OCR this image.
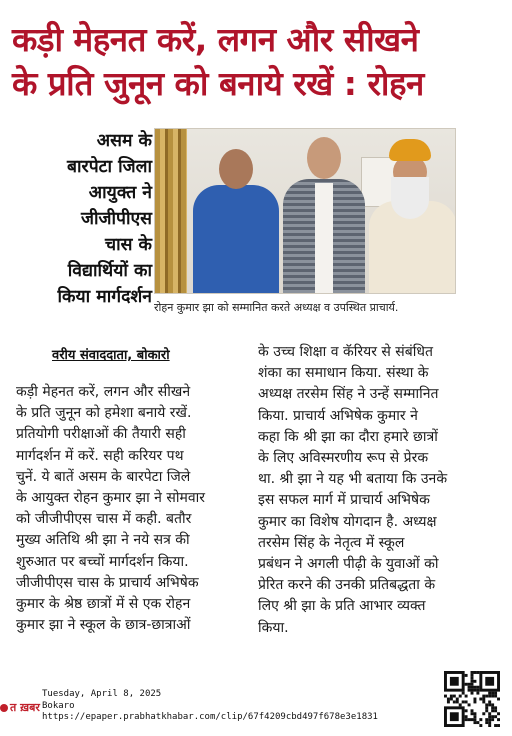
कड़ी मेहनत करें, लगन और सीखने
के प्रति जुनून को बनाये रखें : रोहन
असम के
बारपेटा जिला
आयुक्त ने
जीजीपीएस
चास के
विद्यार्थियों का
किया मार्गदर्शन
रोहन कुमार झा को सम्मानित करते अध्यक्ष व उपस्थित प्राचार्य.
वरीय संवाददाता, बोकारो
कड़ी मेहनत करें, लगन और सीखने
के प्रति जुनून को हमेशा बनाये रखें.
प्रतियोगी परीक्षाओं की तैयारी सही
मार्गदर्शन में करें. सही करियर पथ
चुनें. ये बातें असम के बारपेटा जिले
के आयुक्त रोहन कुमार झा ने सोमवार
को जीजीपीएस चास में कही. बतौर
मुख्य अतिथि श्री झा ने नये सत्र की
शुरुआत पर बच्चों मार्गदर्शन किया.
जीजीपीएस चास के प्राचार्य अभिषेक
कुमार के श्रेष्ठ छात्रों में से एक रोहन
कुमार झा ने स्कूल के छात्र-छात्राओं
के उच्च शिक्षा व कॅरियर से संबंधित
शंका का समाधान किया. संस्था के
अध्यक्ष तरसेम सिंह ने उन्हें सम्मानित
किया. प्राचार्य अभिषेक कुमार ने
कहा कि श्री झा का दौरा हमारे छात्रों
के लिए अविस्मरणीय रूप से प्रेरक
था. श्री झा ने यह भी बताया कि उनके
इस सफल मार्ग में प्राचार्य अभिषेक
कुमार का विशेष योगदान है. अध्यक्ष
तरसेम सिंह के नेतृत्व में स्कूल
प्रबंधन ने अगली पीढ़ी के युवाओं को
प्रेरित करने की उनकी प्रतिबद्धता के
लिए श्री झा के प्रति आभार व्यक्त
किया.
त ख़बर
Tuesday, April 8, 2025
Bokaro
https://epaper.prabhatkhabar.com/clip/67f4209cbd497f678e3e1831
